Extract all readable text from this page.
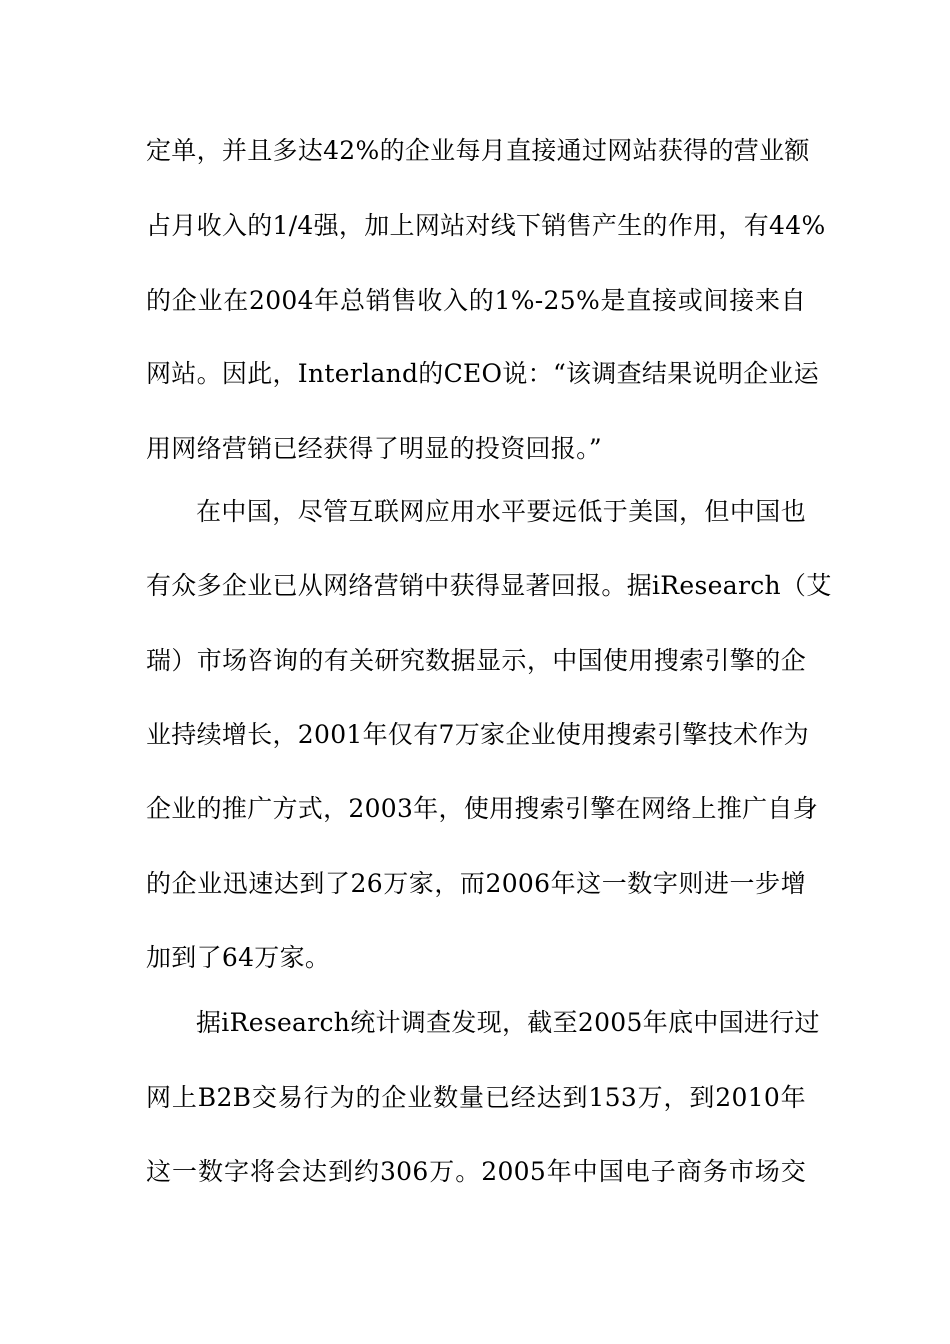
定单，并且多达42%的企业每月直接通过网站获得的营业额
占月收入的1/4强，加上网站对线下销售产生的作用，有44%
的企业在2004年总销售收入的1%-25%是直接或间接来自
网站。因此，Interland的CEO说：“该调查结果说明企业运
用网络营销已经获得了明显的投资回报。”
在中国，尽管互联网应用水平要远低于美国，但中国也
有众多企业已从网络营销中获得显著回报。据iResearch（艾
瑞）市场咨询的有关研究数据显示，中国使用搜索引擎的企
业持续增长，2001年仅有7万家企业使用搜索引擎技术作为
企业的推广方式，2003年，使用搜索引擎在网络上推广自身
的企业迅速达到了26万家，而2006年这一数字则进一步增
加到了64万家。
据iResearch统计调查发现，截至2005年底中国进行过
网上B2B交易行为的企业数量已经达到153万，到2010年
这一数字将会达到约306万。2005年中国电子商务市场交
